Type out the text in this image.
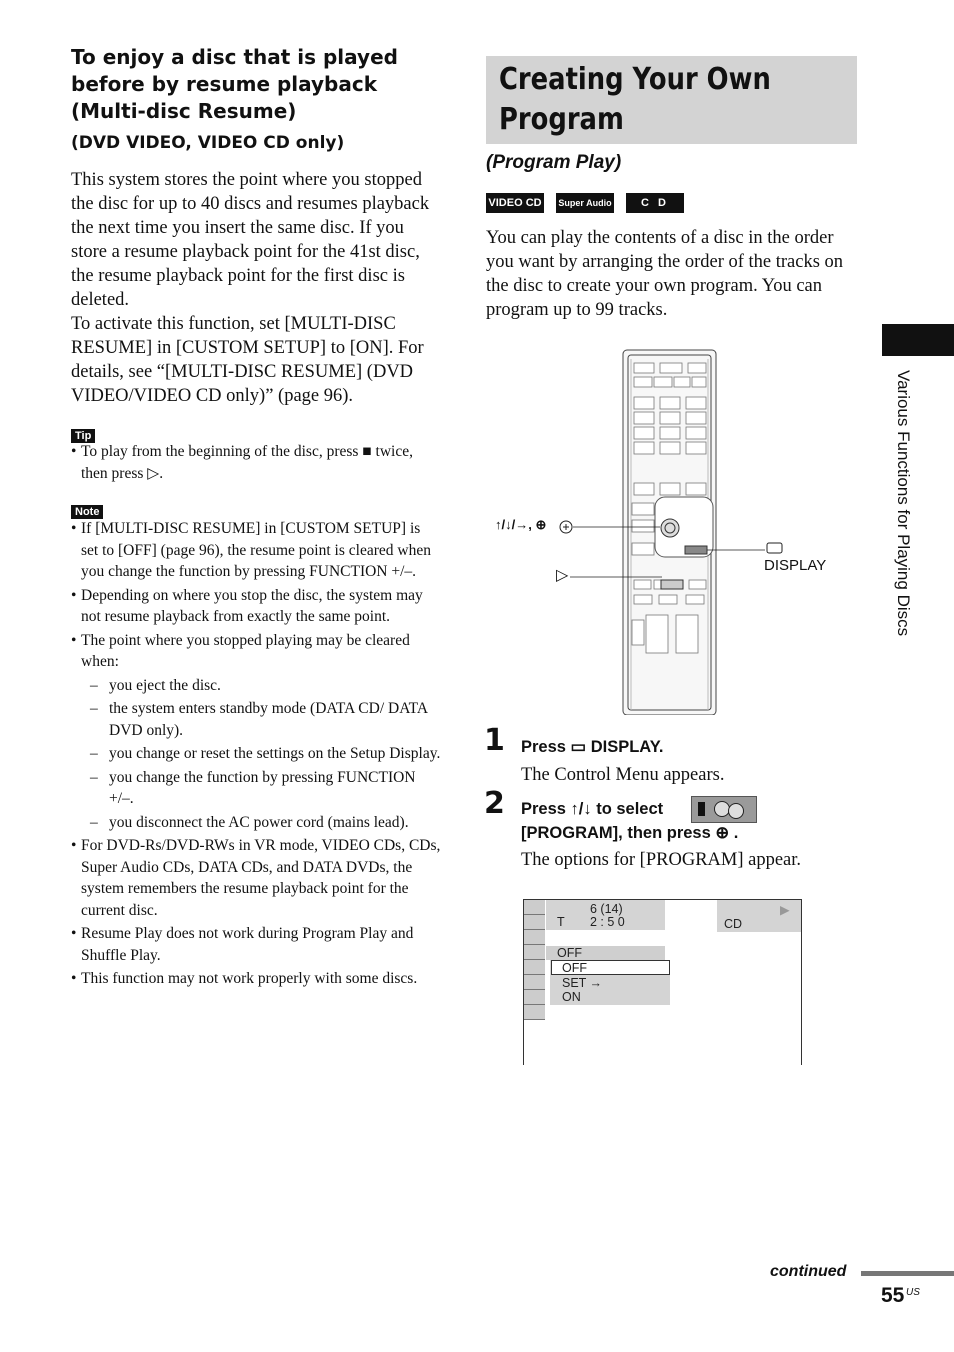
To enjoy a disc that is played before by resume playback (Multi-disc Resume)
(DVD VIDEO, VIDEO CD only)
This system stores the point where you stopped the disc for up to 40 discs and resumes playback the next time you insert the same disc. If you store a resume playback point for the 41st disc, the resume playback point for the first disc is deleted.
To activate this function, set [MULTI-DISC RESUME] in [CUSTOM SETUP] to [ON]. For details, see “[MULTI-DISC RESUME] (DVD VIDEO/VIDEO CD only)” (page 96).
Tip
• To play from the beginning of the disc, press ■ twice, then press ▷.
Note
• If [MULTI-DISC RESUME] in [CUSTOM SETUP] is set to [OFF] (page 96), the resume point is cleared when you change the function by pressing FUNCTION +/–.
• Depending on where you stop the disc, the system may not resume playback from exactly the same point.
• The point where you stopped playing may be cleared when:
– you eject the disc.
– the system enters standby mode (DATA CD/ DATA DVD only).
– you change or reset the settings on the Setup Display.
– you change the function by pressing FUNCTION +/–.
– you disconnect the AC power cord (mains lead).
• For DVD-Rs/DVD-RWs in VR mode, VIDEO CDs, CDs, Super Audio CDs, DATA CDs, and DATA DVDs, the system remembers the resume playback point for the current disc.
• Resume Play does not work during Program Play and Shuffle Play.
• This function may not work properly with some discs.
Creating Your Own Program
(Program Play)
VIDEO CD Super Audio CD
C D
You can play the contents of a disc in the order you want by arranging the order of the tracks on the disc to create your own program. You can program up to 99 tracks.
↑/↓/→, ⊕
▷	DISPLAY
1 Press ▭ DISPLAY.
The Control Menu appears.
2 Press ↑/↓ to select
[PROGRAM], then press ⊕ .
The options for [PROGRAM] appear.
6 (14)
T 2 : 5 0	CD
▶
OFF
OFF
SET →
ON
Various Functions for Playing Discs
continued
55 US
